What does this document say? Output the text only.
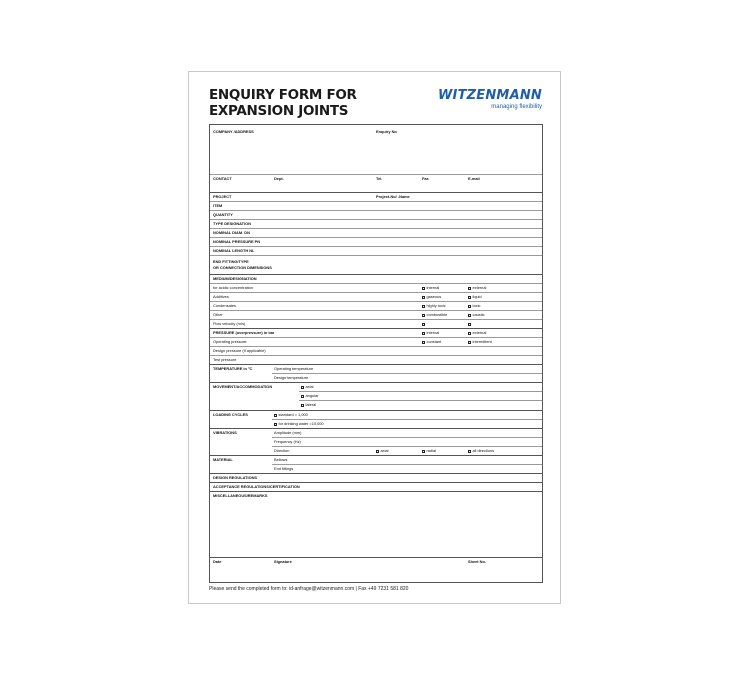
ENQUIRY FORM FOR
EXPANSION JOINTS
WITZENMANN
managing flexibility
COMPANY /ADDRESS	Enquiry No
CONTACT	Dept.	Tel.	Fax	E-mail
PROJECT	Project-No/ -Name
ITEM
QUANTITY
TYPE DESIGNATION
NOMINAL DIAM. DN
NOMINAL PRESSURE PN
NOMINAL LENGTH NL
END FITTING/TYPE
OR CONNECTION DIMENSIONS
MEDIUM/DESIGNATION
for acidic concentration	internal	external
Additives	gaseous	liquid
Condensates	highly toxic	toxic
Other	combustible	caustic
Flow velocity (m/s)
PRESSURE (overpressure) in bar	internal	external
Operating pressure:	constant	intermittent
Design pressure (if applicable)
Test pressure
TEMPERATURE in °C	Operating temperature
Design temperature
MOVEMENT/ACCOMMODATION	axial
angular
lateral
LOADING CYCLES	standard = 1,000
for drinking water =10,000
VIBRATIONS	Amplitude (mm)
Frequency (Hz)
Direction	axial	radial	all directions
MATERIAL	Bellows
End fittings
DESIGN REGULATIONS
ACCEPTANCE REGULATIONS/CERTIFICATION
MISCELLANEOUS/REMARKS
Date	Signature	Sheet No.
Please send the completed form to: id-anfrage@witzenmann.com | Fax +49 7231 581 820
